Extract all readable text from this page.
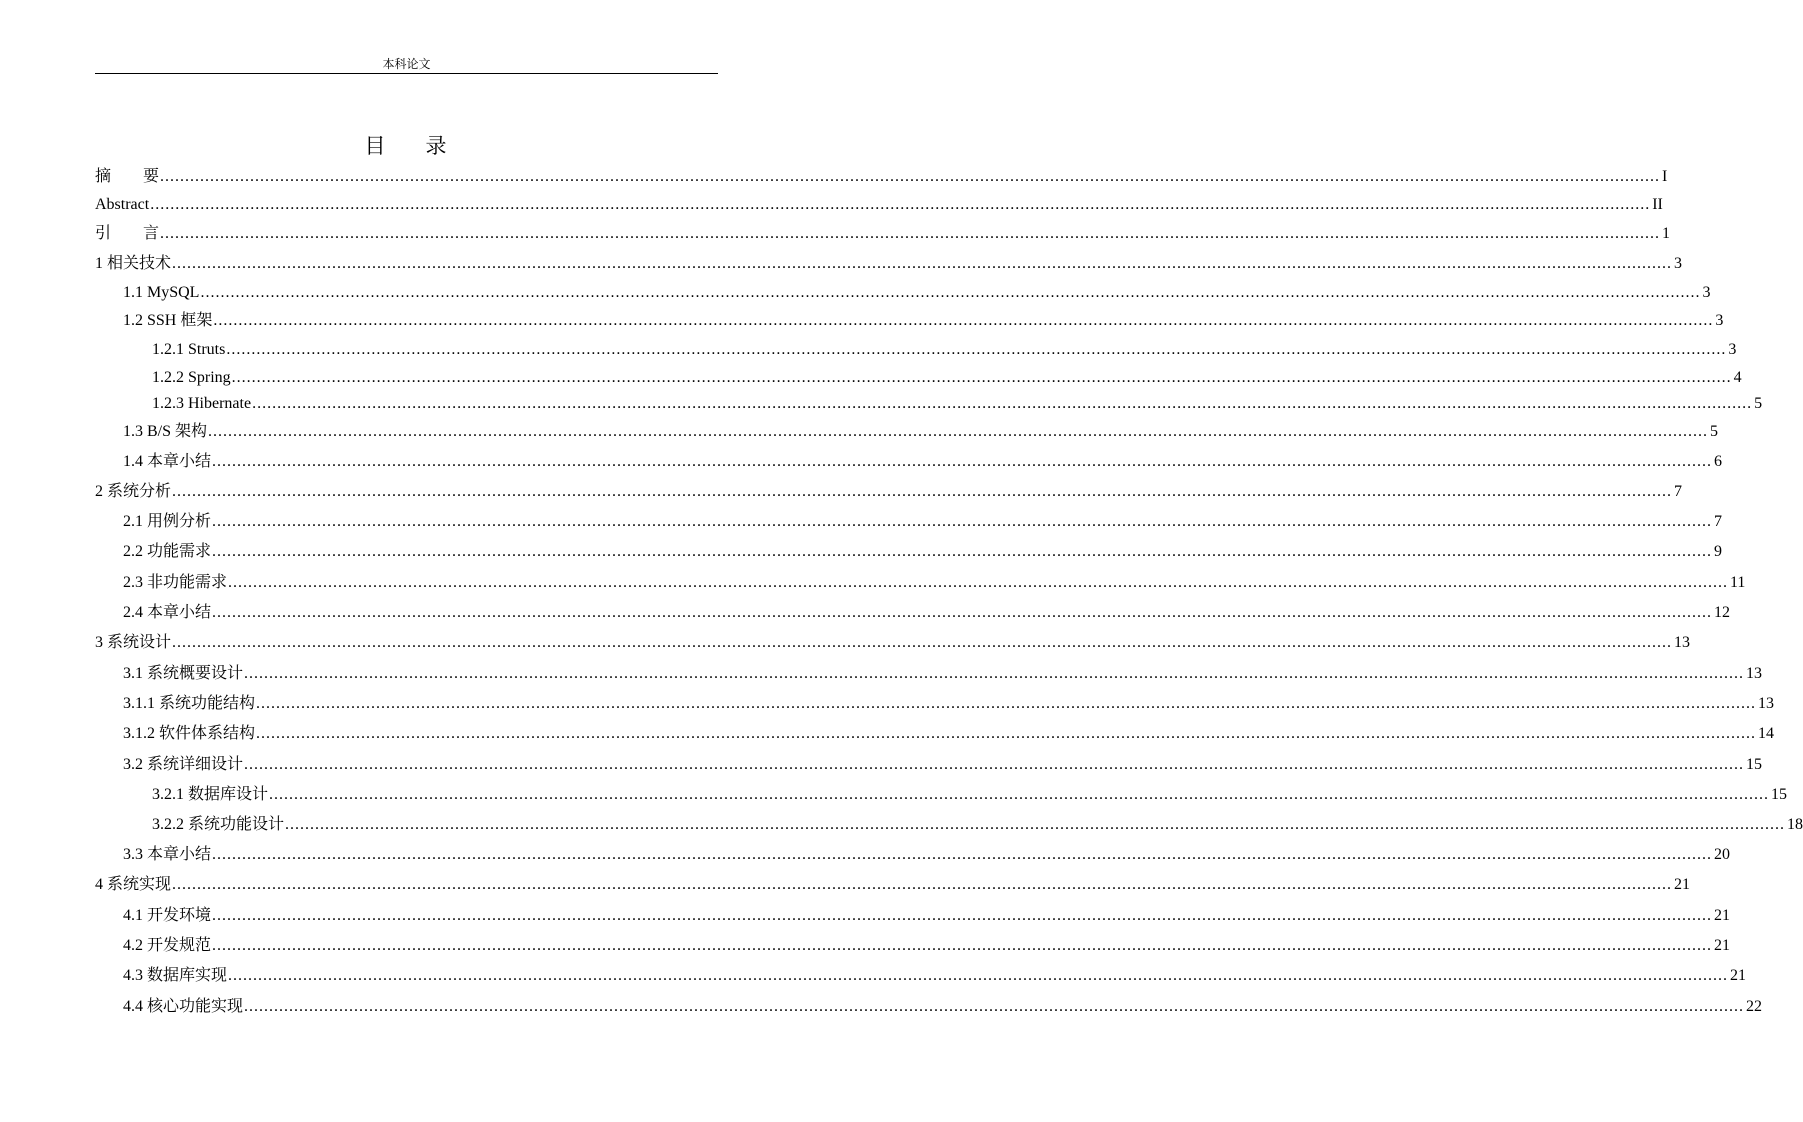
本科论文
目 录
摘　　要 ............................................................................................................................................................................................................................................................................................................ I
Abstract ............................................................................................................................................................................................................................................................................................................ II
引　　言 ............................................................................................................................................................................................................................................................................................................ 1
1 相关技术 ............................................................................................................................................................................................................................................................................................................ 3
1.1 MySQL ............................................................................................................................................................................................................................................................................................................ 3
1.2 SSH 框架 ............................................................................................................................................................................................................................................................................................................ 3
1.2.1 Struts ............................................................................................................................................................................................................................................................................................................ 3
1.2.2 Spring ............................................................................................................................................................................................................................................................................................................ 4
1.2.3 Hibernate ............................................................................................................................................................................................................................................................................................................ 5
1.3 B/S 架构 ............................................................................................................................................................................................................................................................................................................ 5
1.4 本章小结 ............................................................................................................................................................................................................................................................................................................ 6
2 系统分析 ............................................................................................................................................................................................................................................................................................................ 7
2.1 用例分析 ............................................................................................................................................................................................................................................................................................................ 7
2.2 功能需求 ............................................................................................................................................................................................................................................................................................................ 9
2.3 非功能需求 ............................................................................................................................................................................................................................................................................................................ 11
2.4 本章小结 ............................................................................................................................................................................................................................................................................................................ 12
3 系统设计 ............................................................................................................................................................................................................................................................................................................ 13
3.1 系统概要设计 ............................................................................................................................................................................................................................................................................................................ 13
3.1.1 系统功能结构 ............................................................................................................................................................................................................................................................................................................ 13
3.1.2 软件体系结构 ............................................................................................................................................................................................................................................................................................................ 14
3.2 系统详细设计 ............................................................................................................................................................................................................................................................................................................ 15
3.2.1 数据库设计 ............................................................................................................................................................................................................................................................................................................ 15
3.2.2 系统功能设计 ............................................................................................................................................................................................................................................................................................................ 18
3.3 本章小结 ............................................................................................................................................................................................................................................................................................................ 20
4 系统实现 ............................................................................................................................................................................................................................................................................................................ 21
4.1 开发环境 ............................................................................................................................................................................................................................................................................................................ 21
4.2 开发规范 ............................................................................................................................................................................................................................................................................................................ 21
4.3 数据库实现 ............................................................................................................................................................................................................................................................................................................ 21
4.4 核心功能实现 ............................................................................................................................................................................................................................................................................................................ 22
